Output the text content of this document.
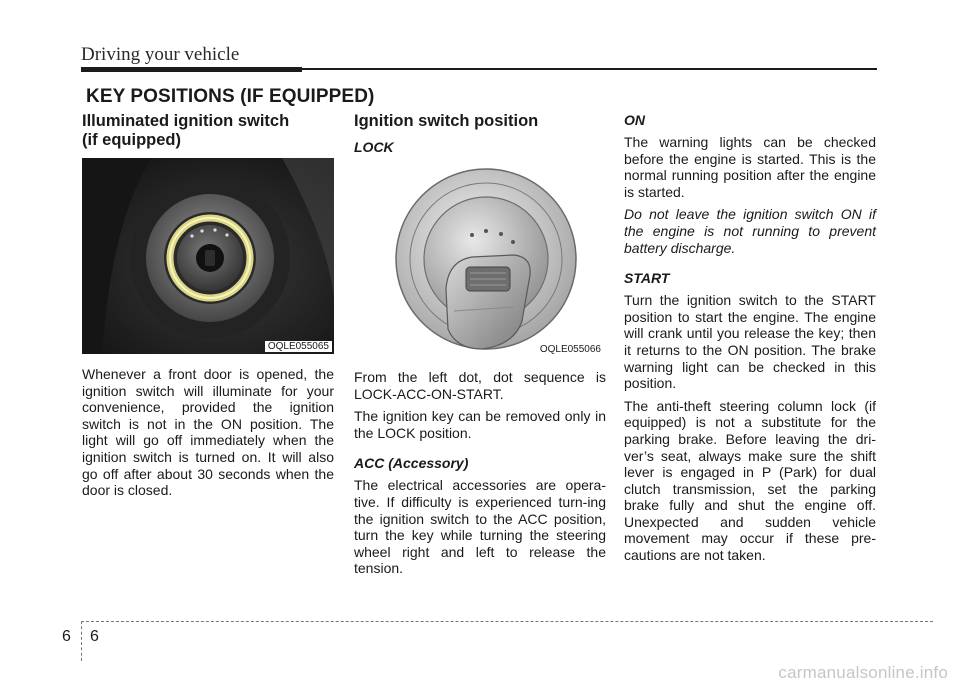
Driving your vehicle
KEY POSITIONS (IF EQUIPPED)
Illuminated ignition switch
(if equipped)
OQLE055065

Whenever a front door is opened, the ignition switch will illuminate for your convenience, provided the ignition switch is not in the ON position. The light will go off immediately when the ignition switch is turned on. It will also go off after about 30 seconds when the door is closed.

Ignition switch position
LOCK
OQLE055066

From the left dot, dot sequence is LOCK-ACC-ON-START.

The ignition key can be removed only in the LOCK position.

ACC (Accessory)

The electrical accessories are opera-tive. If difficulty is experienced turn-ing the ignition switch to the ACC position, turn the key while turning the steering wheel right and left to release the tension.

ON

The warning lights can be checked before the engine is started. This is the normal running position after the engine is started.

Do not leave the ignition switch ON if the engine is not running to prevent battery discharge.

START

Turn the ignition switch to the START position to start the engine. The engine will crank until you release the key; then it returns to the ON position. The brake warning light can be checked in this position.

The anti-theft steering column lock (if equipped) is not a substitute for the parking brake. Before leaving the dri-ver’s seat, always make sure the shift lever is engaged in P (Park) for dual clutch transmission, set the parking brake fully and shut the engine off. Unexpected and sudden vehicle movement may occur if these pre-cautions are not taken.

6 6
carmanualsonline.info
